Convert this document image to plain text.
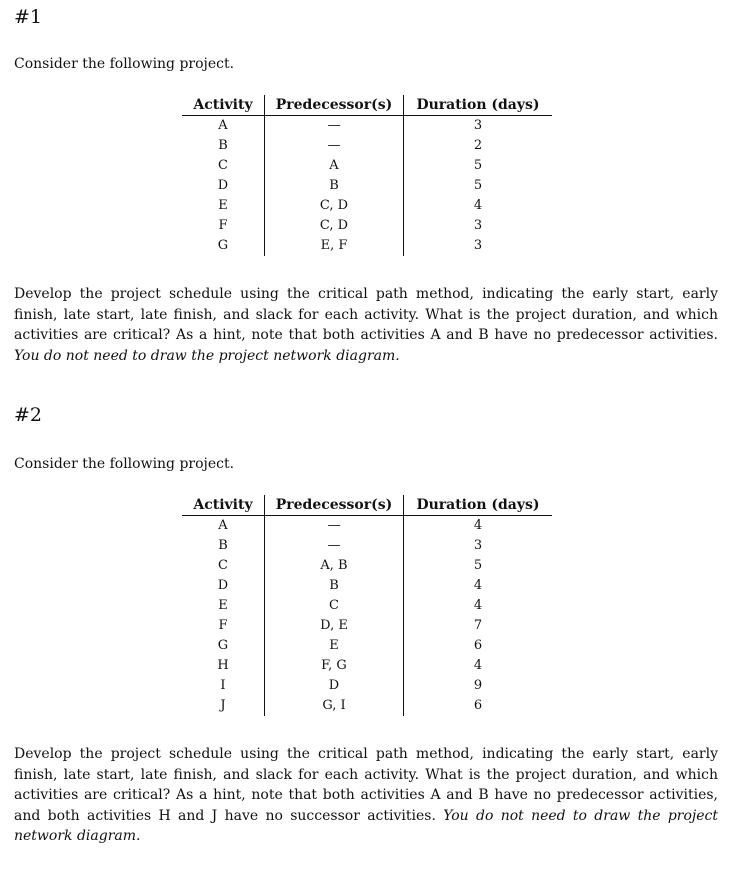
#1

Consider the following project.

Activity	Predecessor(s)	Duration (days)
A	—	3
B	—	2
C	A	5
D	B	5
E	C, D	4
F	C, D	3
G	E, F	3

Develop the project schedule using the critical path method, indicating the early start, early finish, late start, late finish, and slack for each activity. What is the project duration, and which activities are critical? As a hint, note that both activities A and B have no predecessor activities. You do not need to draw the project network diagram.

#2

Consider the following project.

Activity	Predecessor(s)	Duration (days)
A	—	4
B	—	3
C	A, B	5
D	B	4
E	C	4
F	D, E	7
G	E	6
H	F, G	4
I	D	9
J	G, I	6

Develop the project schedule using the critical path method, indicating the early start, early finish, late start, late finish, and slack for each activity. What is the project duration, and which activities are critical? As a hint, note that both activities A and B have no predecessor activities, and both activities H and J have no successor activities. You do not need to draw the project network diagram.
